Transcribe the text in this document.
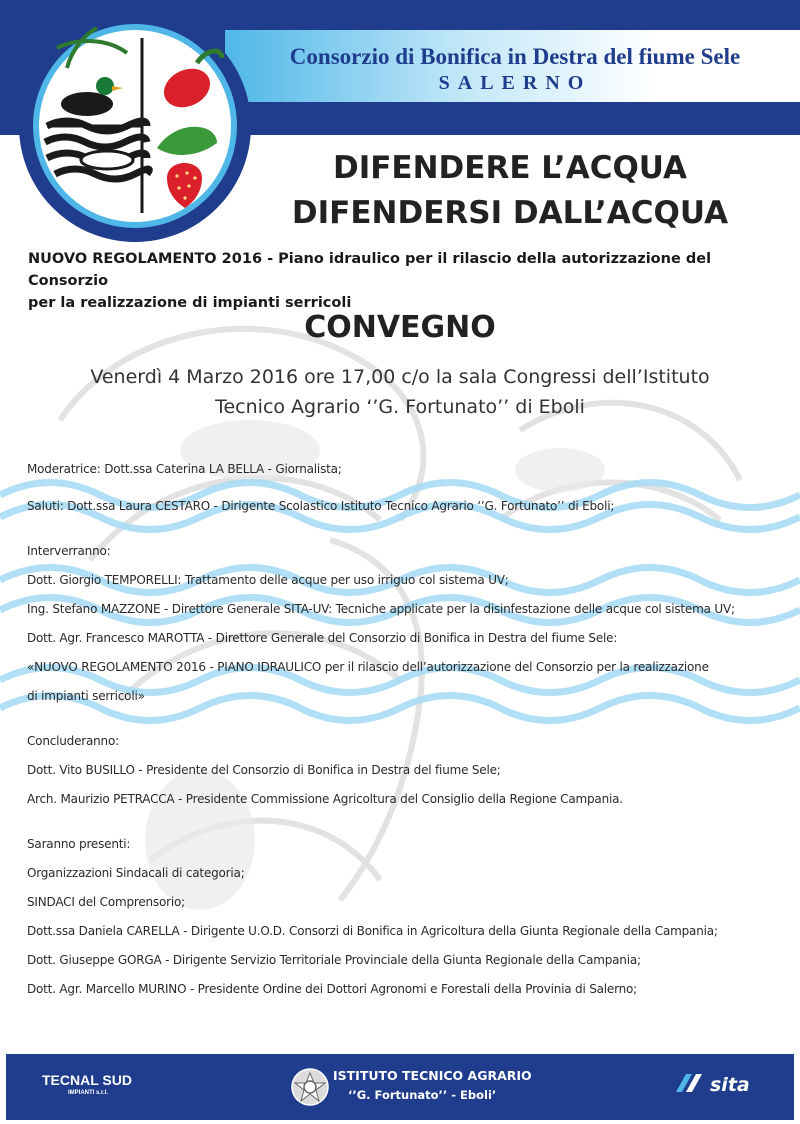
Consorzio di Bonifica in Destra del fiume Sele
SALERNO
DIFENDERE L’ACQUA
DIFENDERSI DALL’ACQUA
NUOVO REGOLAMENTO 2016 - Piano idraulico per il rilascio della autorizzazione del Consorzio
per la realizzazione di impianti serricoli
CONVEGNO
Venerdì 4 Marzo 2016 ore 17,00 c/o la sala Congressi dell’Istituto
Tecnico Agrario ‘’G. Fortunato’’ di Eboli
Moderatrice: Dott.ssa Caterina LA BELLA - Giornalista;
Saluti: Dott.ssa Laura CESTARO - Dirigente Scolastico Istituto Tecnico Agrario ‘’G. Fortunato’’ di Eboli;
Interverranno:
Dott. Giorgio TEMPORELLI: Trattamento delle acque per uso irriguo col sistema UV;
Ing. Stefano MAZZONE - Direttore Generale SITA-UV: Tecniche applicate per la disinfestazione delle acque col sistema UV;
Dott. Agr. Francesco MAROTTA - Direttore Generale del Consorzio di Bonifica in Destra del fiume Sele:
«NUOVO REGOLAMENTO 2016 - PIANO IDRAULICO per il rilascio dell’autorizzazione del Consorzio per la realizzazione
di impianti serricoli»
Concluderanno:
Dott. Vito BUSILLO - Presidente del Consorzio di Bonifica in Destra del fiume Sele;
Arch. Maurizio PETRACCA - Presidente Commissione Agricoltura del Consiglio della Regione Campania.
Saranno presenti:
Organizzazioni Sindacali di categoria;
SINDACI del Comprensorio;
Dott.ssa Daniela CARELLA - Dirigente U.O.D. Consorzi di Bonifica in Agricoltura della Giunta Regionale della Campania;
Dott. Giuseppe GORGA - Dirigente Servizio Territoriale Provinciale della Giunta Regionale della Campania;
Dott. Agr. Marcello MURINO - Presidente Ordine dei Dottori Agronomi e Forestali della Provinia di Salerno;
TECNAL SUD
IMPIANTI s.r.l.
ISTITUTO TECNICO AGRARIO
‘’G. Fortunato’’ - Eboli’	sita
